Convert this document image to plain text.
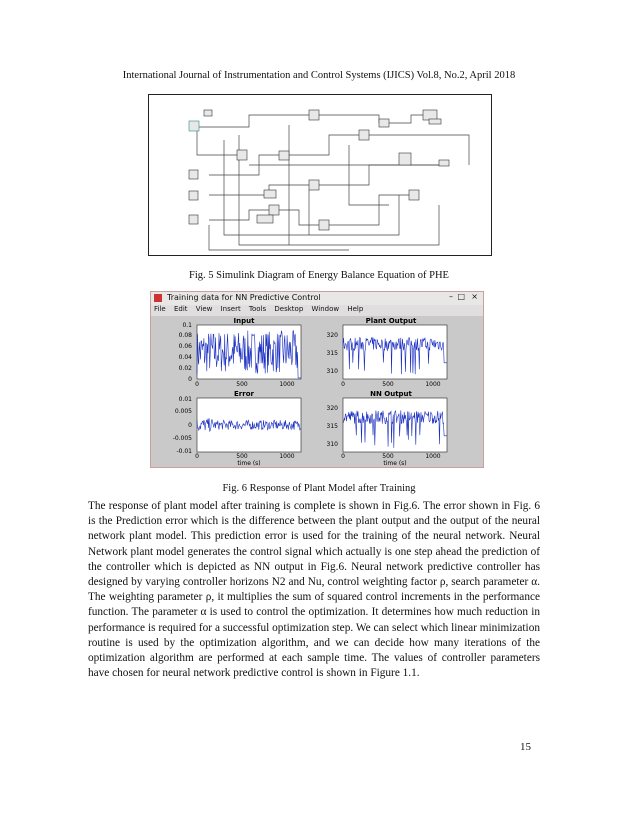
International Journal of Instrumentation and Control Systems (IJICS) Vol.8, No.2, April 2018
Fig. 5 Simulink Diagram of Energy Balance Equation of PHE
Training data for NN Predictive Control	– □ ×
File Edit View Insert Tools Desktop Window Help
Input
0.1
0.08
0.06
0.04
0.02
0
0	500	1000
Plant Output
320
315
310
0	500	1000
Error
0.01
0.005
0
-0.005
-0.01
0	500	1000
time (s)
NN Output
320
315
310
0	500	1000
time (s)
Fig. 6 Response of Plant Model after Training
The response of plant model after training is complete is shown in Fig.6. The error shown in Fig. 6 is the Prediction error which is the difference between the plant output and the output of the neural network plant model. This prediction error is used for the training of the neural network. Neural Network plant model generates the control signal which actually is one step ahead the prediction of the controller which is depicted as NN output in Fig.6. Neural network predictive controller has designed by varying controller horizons N2 and Nu, control weighting factor ρ, search parameter α. The weighting parameter ρ, it multiplies the sum of squared control increments in the performance function. The parameter α is used to control the optimization. It determines how much reduction in performance is required for a successful optimization step. We can select which linear minimization routine is used by the optimization algorithm, and we can decide how many iterations of the optimization algorithm are performed at each sample time. The values of controller parameters have chosen for neural network predictive control is shown in Figure 1.1.
15
